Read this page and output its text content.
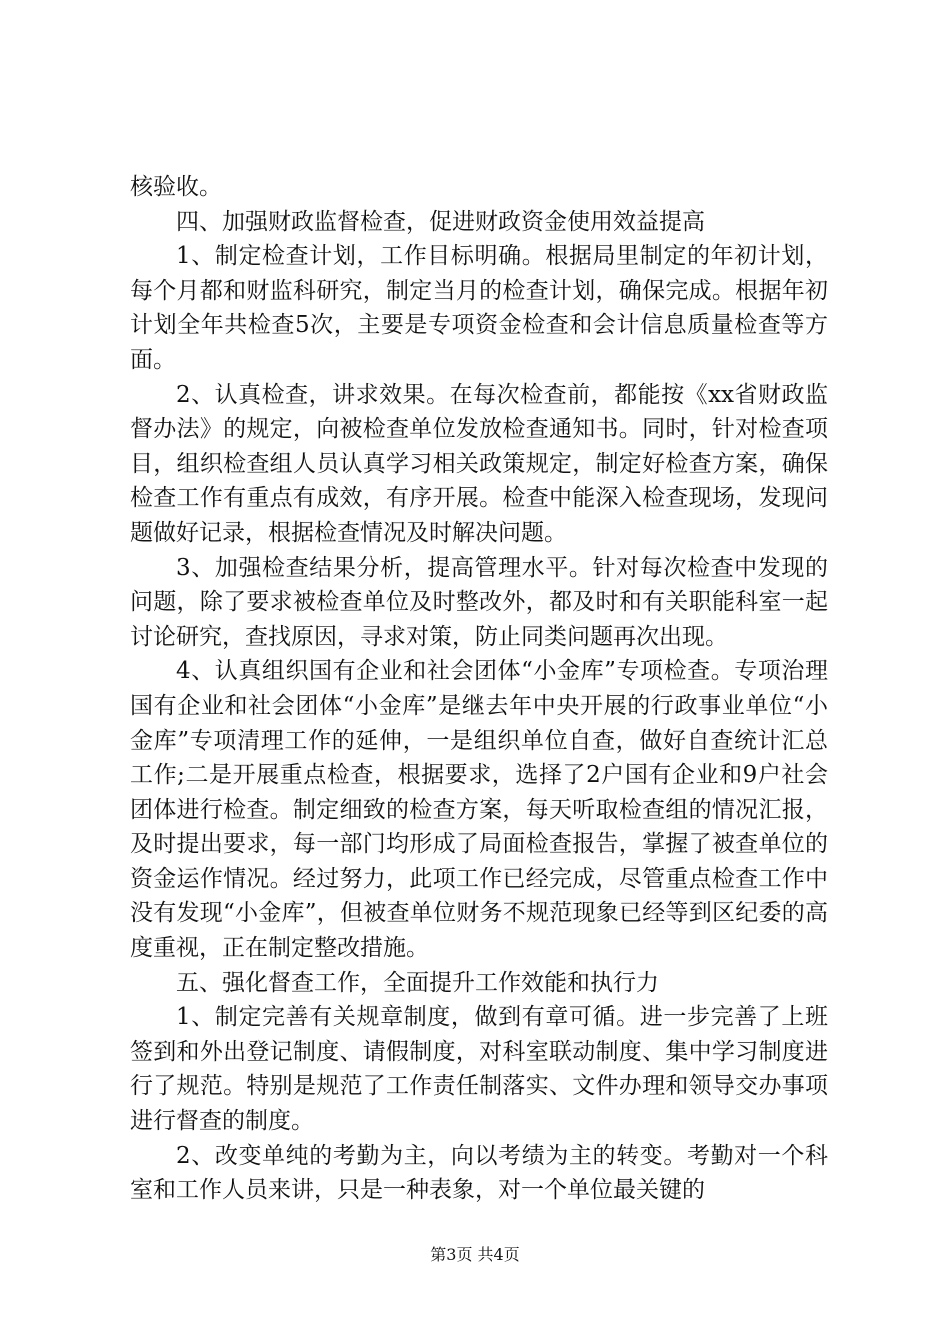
核验收。

四、加强财政监督检查，促进财政资金使用效益提高

1、制定检查计划，工作目标明确。根据局里制定的年初计划，每个月都和财监科研究，制定当月的检查计划，确保完成。根据年初计划全年共检查5次，主要是专项资金检查和会计信息质量检查等方面。

2、认真检查，讲求效果。在每次检查前，都能按《xx省财政监督办法》的规定，向被检查单位发放检查通知书。同时，针对检查项目，组织检查组人员认真学习相关政策规定，制定好检查方案，确保检查工作有重点有成效，有序开展。检查中能深入检查现场，发现问题做好记录，根据检查情况及时解决问题。

3、加强检查结果分析，提高管理水平。针对每次检查中发现的问题，除了要求被检查单位及时整改外，都及时和有关职能科室一起讨论研究，查找原因，寻求对策，防止同类问题再次出现。

4、认真组织国有企业和社会团体“小金库”专项检查。专项治理国有企业和社会团体“小金库”是继去年中央开展的行政事业单位“小金库”专项清理工作的延伸，一是组织单位自查，做好自查统计汇总工作;二是开展重点检查，根据要求，选择了2户国有企业和9户社会团体进行检查。制定细致的检查方案，每天听取检查组的情况汇报，及时提出要求，每一部门均形成了局面检查报告，掌握了被查单位的资金运作情况。经过努力，此项工作已经完成，尽管重点检查工作中没有发现“小金库”，但被查单位财务不规范现象已经等到区纪委的高度重视，正在制定整改措施。

五、强化督查工作，全面提升工作效能和执行力

1、制定完善有关规章制度，做到有章可循。进一步完善了上班签到和外出登记制度、请假制度，对科室联动制度、集中学习制度进行了规范。特别是规范了工作责任制落实、文件办理和领导交办事项进行督查的制度。

2、改变单纯的考勤为主，向以考绩为主的转变。考勤对一个科室和工作人员来讲，只是一种表象，对一个单位最关键的

第3页 共4页
